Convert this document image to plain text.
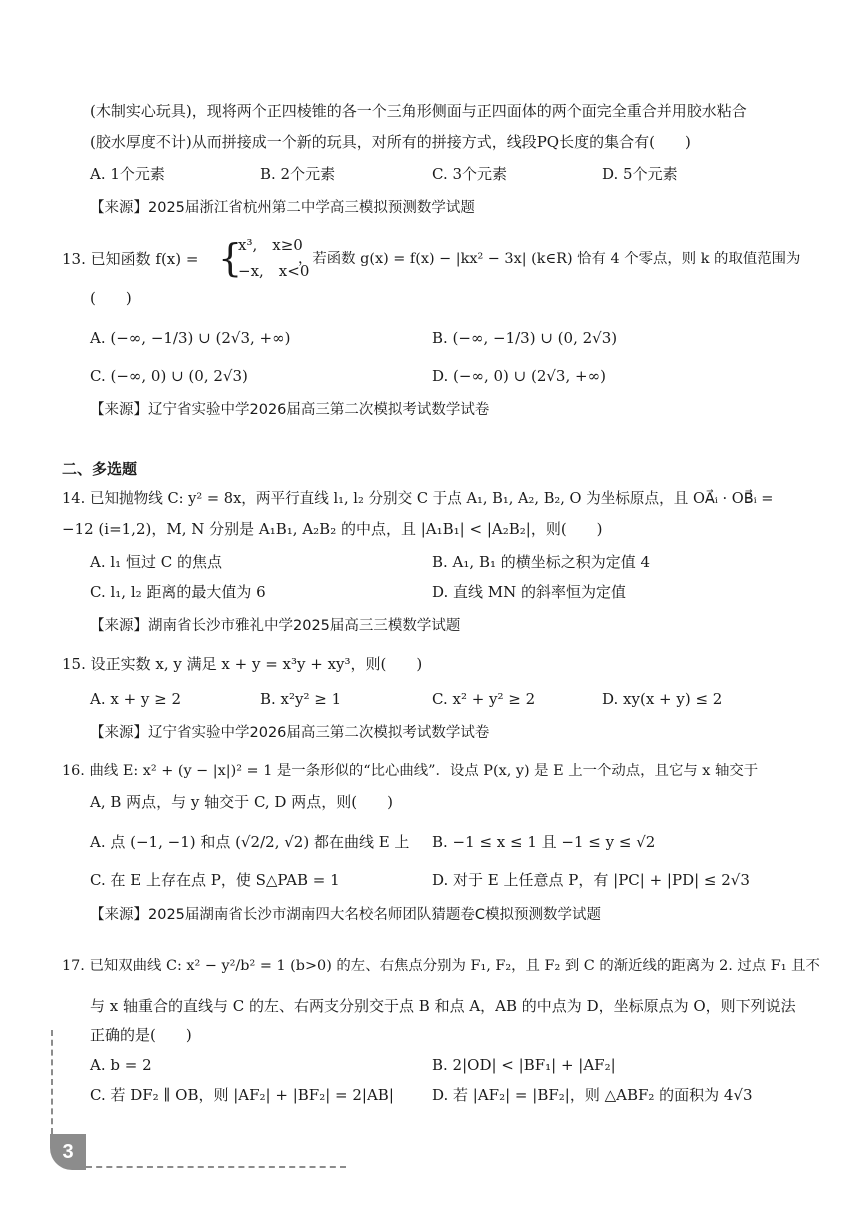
(木制实心玩具)，现将两个正四棱锥的各一个三角形侧面与正四面体的两个面完全重合并用胶水粘合
(胶水厚度不计)从而拼接成一个新的玩具，对所有的拼接方式，线段PQ长度的集合有(　　)
A. 1个元素	B. 2个元素	C. 3个元素	D. 5个元素
【来源】2025届浙江省杭州第二中学高三模拟预测数学试题
13. 已知函数 f(x) = {
x³,　x≥0
−x,　x<0
，若函数 g(x) = f(x) − |kx² − 3x| (k∈R) 恰有 4 个零点，则 k 的取值范围为
(　　)
A. (−∞, −1/3) ∪ (2√3, +∞)	B. (−∞, −1/3) ∪ (0, 2√3)
C. (−∞, 0) ∪ (0, 2√3)	D. (−∞, 0) ∪ (2√3, +∞)
【来源】辽宁省实验中学2026届高三第二次模拟考试数学试卷
二、多选题
14. 已知抛物线 C: y² = 8x，两平行直线 l₁, l₂ 分别交 C 于点 A₁, B₁, A₂, B₂, O 为坐标原点，且 OA⃗ᵢ · OB⃗ᵢ =
−12 (i=1,2)，M, N 分别是 A₁B₁, A₂B₂ 的中点，且 |A₁B₁| < |A₂B₂|，则(　　)
A. l₁ 恒过 C 的焦点	B. A₁, B₁ 的横坐标之积为定值 4
C. l₁, l₂ 距离的最大值为 6	D. 直线 MN 的斜率恒为定值
【来源】湖南省长沙市雅礼中学2025届高三三模数学试题
15. 设正实数 x, y 满足 x + y = x³y + xy³，则(　　)
A. x + y ≥ 2	B. x²y² ≥ 1	C. x² + y² ≥ 2	D. xy(x + y) ≤ 2
【来源】辽宁省实验中学2026届高三第二次模拟考试数学试卷
16. 曲线 E: x² + (y − |x|)² = 1 是一条形似的“比心曲线”．设点 P(x, y) 是 E 上一个动点，且它与 x 轴交于
A, B 两点，与 y 轴交于 C, D 两点，则(　　)
A. 点 (−1, −1) 和点 (√2/2, √2) 都在曲线 E 上 B. −1 ≤ x ≤ 1 且 −1 ≤ y ≤ √2
C. 在 E 上存在点 P，使 S△PAB = 1	D. 对于 E 上任意点 P，有 |PC| + |PD| ≤ 2√3
【来源】2025届湖南省长沙市湖南四大名校名师团队猜题卷C模拟预测数学试题
17. 已知双曲线 C: x² − y²/b² = 1 (b>0) 的左、右焦点分别为 F₁, F₂，且 F₂ 到 C 的渐近线的距离为 2. 过点 F₁ 且不
与 x 轴重合的直线与 C 的左、右两支分别交于点 B 和点 A，AB 的中点为 D，坐标原点为 O，则下列说法
正确的是(　　)
A. b = 2	B. 2|OD| < |BF₁| + |AF₂|
C. 若 DF₂ ∥ OB，则 |AF₂| + |BF₂| = 2|AB|	D. 若 |AF₂| = |BF₂|，则 △ABF₂ 的面积为 4√3
3
